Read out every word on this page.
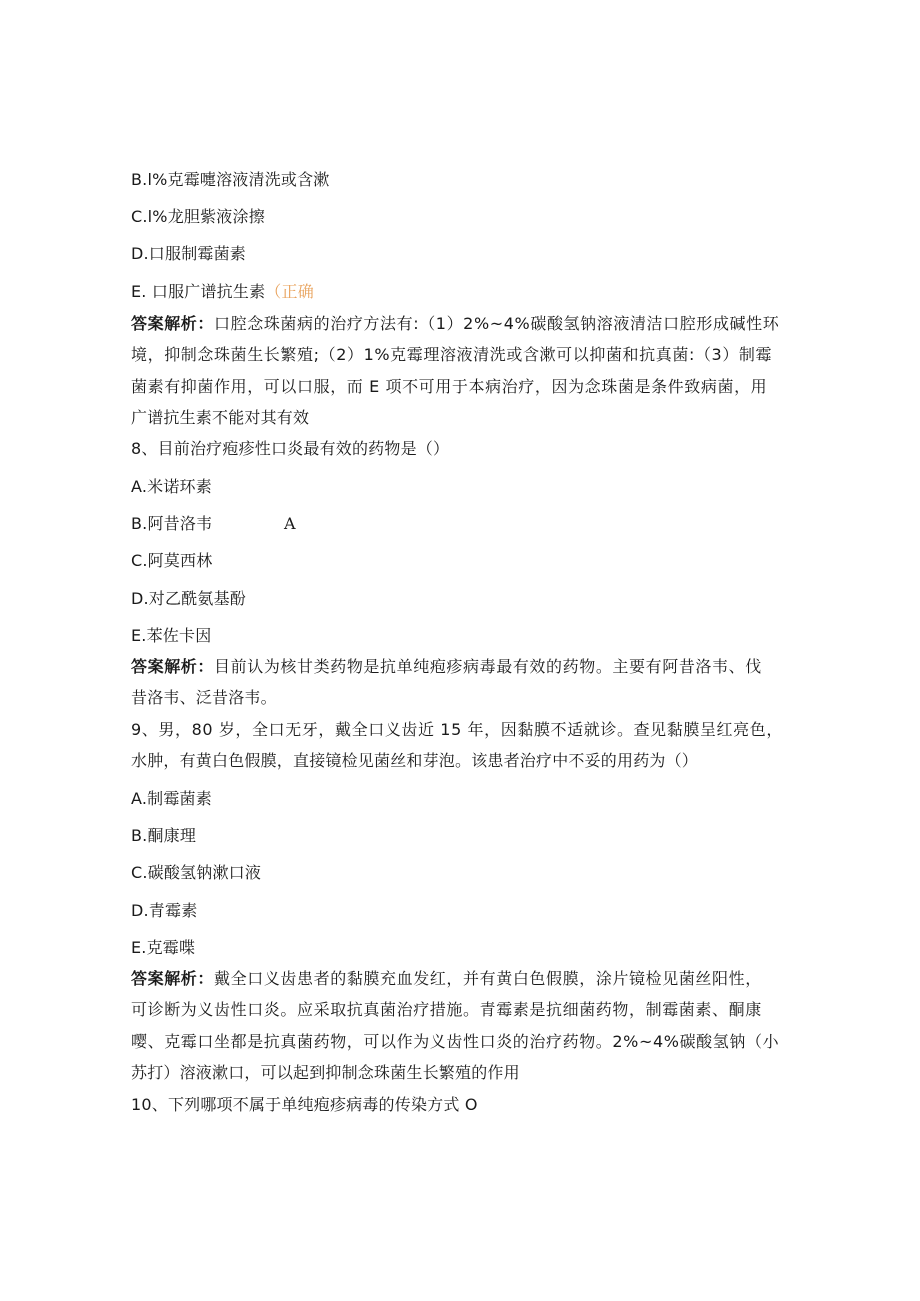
B.l%克霉嚏溶液清洗或含漱
C.l%龙胆紫液涂擦
D.口服制霉菌素
E. 口服广谱抗生素（正确
答案解析：口腔念珠菌病的治疗方法有:（1）2%~4%碳酸氢钠溶液清洁口腔形成碱性环
境，抑制念珠菌生长繁殖;（2）1%克霉理溶液清洗或含漱可以抑菌和抗真菌:（3）制霉
菌素有抑菌作用，可以口服，而 E 项不可用于本病治疗，因为念珠菌是条件致病菌，用
广谱抗生素不能对其有效
8、目前治疗疱疹性口炎最有效的药物是（）
A.米诺环素
B.阿昔洛韦	A
C.阿莫西林
D.对乙酰氨基酚
E.苯佐卡因
答案解析：目前认为核甘类药物是抗单纯疱疹病毒最有效的药物。主要有阿昔洛韦、伐
昔洛韦、泛昔洛韦。
9、男，80 岁，全口无牙，戴全口义齿近 15 年，因黏膜不适就诊。查见黏膜呈红亮色，
水肿，有黄白色假膜，直接镜检见菌丝和芽泡。该患者治疗中不妥的用药为（）
A.制霉菌素
B.酮康理
C.碳酸氢钠漱口液
D.青霉素
E.克霉喋
答案解析：戴全口义齿患者的黏膜充血发红，并有黄白色假膜，涂片镜检见菌丝阳性，
可诊断为义齿性口炎。应采取抗真菌治疗措施。青霉素是抗细菌药物，制霉菌素、酮康
嘤、克霉口坐都是抗真菌药物，可以作为义齿性口炎的治疗药物。2%~4%碳酸氢钠（小
苏打）溶液漱口，可以起到抑制念珠菌生长繁殖的作用
10、下列哪项不属于单纯疱疹病毒的传染方式 O
